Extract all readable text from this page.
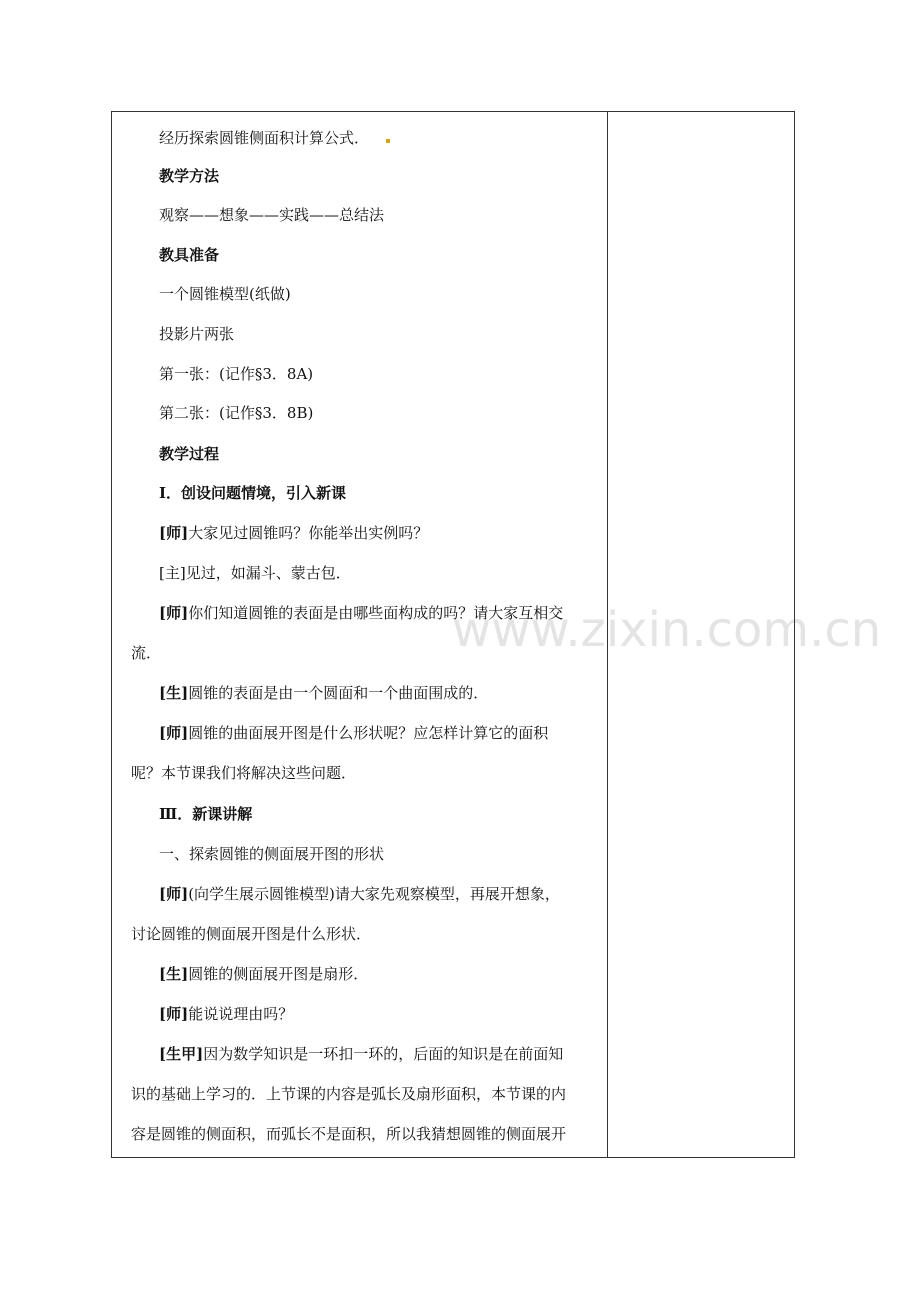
www.zixin.com.cn
经历探索圆锥侧面积计算公式．
教学方法
观察——想象——实践——总结法
教具准备
一个圆锥模型(纸做)
投影片两张
第一张：(记作§3．8A)
第二张：(记作§3．8B)
教学过程
Ⅰ．创设问题情境，引入新课
[师]大家见过圆锥吗？你能举出实例吗？
[主]见过，如漏斗、蒙古包．
[师]你们知道圆锥的表面是由哪些面构成的吗？请大家互相交
流．
[生]圆锥的表面是由一个圆面和一个曲面围成的．
[师]圆锥的曲面展开图是什么形状呢？应怎样计算它的面积
呢？本节课我们将解决这些问题．
Ⅲ．新课讲解
一、探索圆锥的侧面展开图的形状
[师](向学生展示圆锥模型)请大家先观察模型，再展开想象，
讨论圆锥的侧面展开图是什么形状．
[生]圆锥的侧面展开图是扇形．
[师]能说说理由吗？
[生甲]因为数学知识是一环扣一环的，后面的知识是在前面知
识的基础上学习的．上节课的内容是弧长及扇形面积，本节课的内
容是圆锥的侧面积，而弧长不是面积，所以我猜想圆锥的侧面展开
